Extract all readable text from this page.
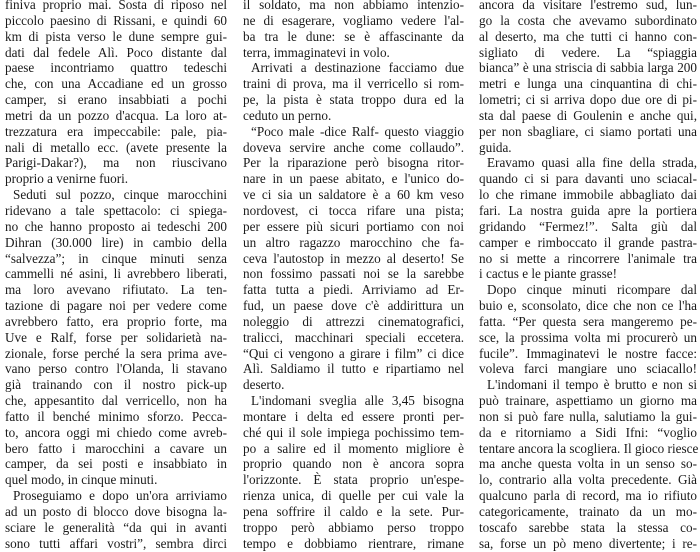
finiva proprio mai. Sosta di riposo nel
piccolo paesino di Rissani, e quindi 60
km di pista verso le dune sempre gui-
dati dal fedele Alì. Poco distante dal
paese incontriamo quattro tedeschi
che, con una Accadiane ed un grosso
camper, si erano insabbiati a pochi
metri da un pozzo d'acqua. La loro at-
trezzatura era impeccabile: pale, pia-
nali di metallo ecc. (avete presente la
Parigi-Dakar?), ma non riuscivano
proprio a venirne fuori.
Seduti sul pozzo, cinque marocchini
ridevano a tale spettacolo: ci spiega-
no che hanno proposto ai tedeschi 200
Dihran (30.000 lire) in cambio della
“salvezza”; in cinque minuti senza
cammelli né asini, li avrebbero liberati,
ma loro avevano rifiutato. La ten-
tazione di pagare noi per vedere come
avrebbero fatto, era proprio forte, ma
Uve e Ralf, forse per solidarietà na-
zionale, forse perché la sera prima ave-
vano perso contro l'Olanda, li stavano
già trainando con il nostro pick-up
che, appesantito dal verricello, non ha
fatto il benché minimo sforzo. Pecca-
to, ancora oggi mi chiedo come avreb-
bero fatto i marocchini a cavare un
camper, da sei posti e insabbiato in
quel modo, in cinque minuti.
Proseguiamo e dopo un'ora arriviamo
ad un posto di blocco dove bisogna la-
sciare le generalità “da qui in avanti
sono tutti affari vostri”, sembra dirci
il soldato, ma non abbiamo intenzio-
ne di esagerare, vogliamo vedere l'al-
ba tra le dune: se è affascinante da
terra, immaginatevi in volo.
Arrivati a destinazione facciamo due
traini di prova, ma il verricello si rom-
pe, la pista è stata troppo dura ed la
ceduto un perno.
“Poco male -dice Ralf- questo viaggio
doveva servire anche come collaudo”.
Per la riparazione però bisogna ritor-
nare in un paese abitato, e l'unico do-
ve ci sia un saldatore è a 60 km veso
nordovest, ci tocca rifare una pista;
per essere più sicuri portiamo con noi
un altro ragazzo marocchino che fa-
ceva l'autostop in mezzo al deserto! Se
non fossimo passati noi se la sarebbe
fatta tutta a piedi. Arriviamo ad Er-
fud, un paese dove c'è addirittura un
noleggio di attrezzi cinematografici,
tralicci, macchinari speciali eccetera.
“Qui ci vengono a girare i film” ci dice
Alì. Saldiamo il tutto e ripartiamo nel
deserto.
L'indomani sveglia alle 3,45 bisogna
montare i delta ed essere pronti per-
ché qui il sole impiega pochissimo tem-
po a salire ed il momento migliore è
proprio quando non è ancora sopra
l'orizzonte. È stata proprio un'espe-
rienza unica, di quelle per cui vale la
pena soffrire il caldo e la sete. Pur-
troppo però abbiamo perso troppo
tempo e dobbiamo rientrare, rimane
ancora da visitare l'estremo sud, lun-
go la costa che avevamo subordinato
al deserto, ma che tutti ci hanno con-
sigliato di vedere. La “spiaggia
bianca” è una striscia di sabbia larga 200
metri e lunga una cinquantina di chi-
lometri; ci si arriva dopo due ore di pi-
sta dal paese di Goulenin e anche qui,
per non sbagliare, ci siamo portati una
guida.
Eravamo quasi alla fine della strada,
quando ci si para davanti uno sciacal-
lo che rimane immobile abbagliato dai
fari. La nostra guida apre la portiera
gridando “Fermez!”. Salta giù dal
camper e rimboccato il grande pastra-
no si mette a rincorrere l'animale tra
i cactus e le piante grasse!
Dopo cinque minuti ricompare dal
buio e, sconsolato, dice che non ce l'ha
fatta. “Per questa sera mangeremo pe-
sce, la prossima volta mi procurerò un
fucile”. Immaginatevi le nostre facce:
voleva farci mangiare uno sciacallo!
L'indomani il tempo è brutto e non si
può trainare, aspettiamo un giorno ma
non si può fare nulla, salutiamo la gui-
da e ritorniamo a Sidi Ifni: “voglio
tentare ancora la scogliera. Il gioco riesce
ma anche questa volta in un senso so-
lo, contrario alla volta precedente. Già
qualcuno parla di record, ma io rifiuto
categoricamente, trainato da un mo-
toscafo sarebbe stata la stessa co-
sa, forse un pò meno divertente; i re-
